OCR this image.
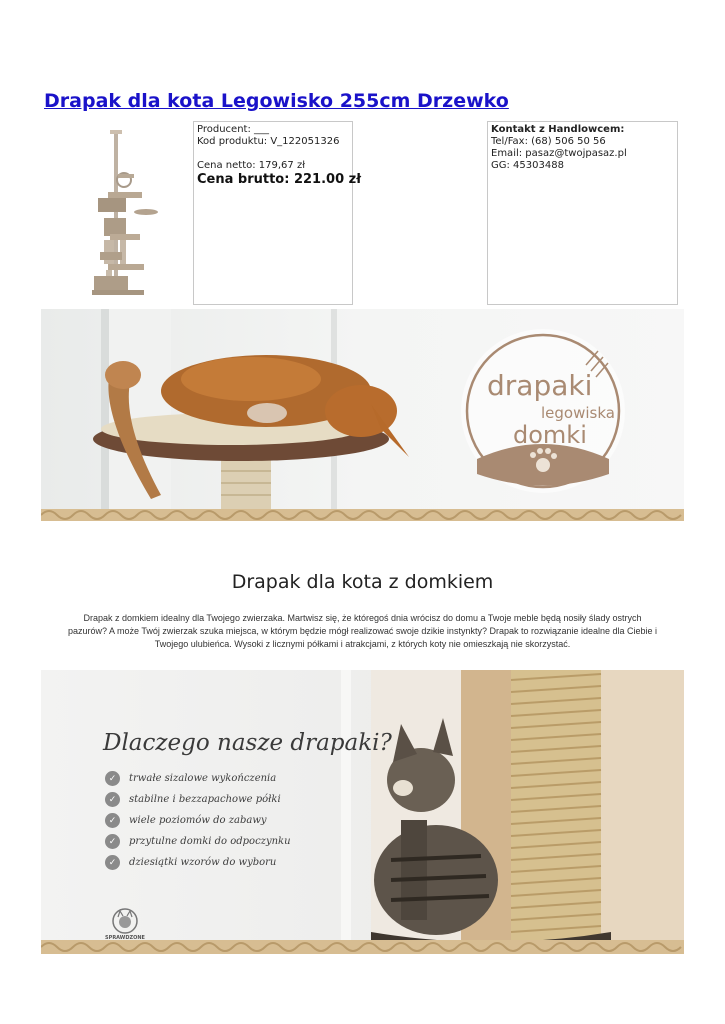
Drapak dla kota Legowisko 255cm Drzewko
Producent: ___
Kod produktu: V_122051326
Cena netto: 179,67 zł
Cena brutto: 221.00 zł
Kontakt z Handlowcem:
Tel/Fax: (68) 506 50 56
Email: pasaz@twojpasaz.pl
GG: 45303488
drapaki
legowiska
domki
Drapak dla kota z domkiem
Drapak z domkiem idealny dla Twojego zwierzaka. Martwisz się, że któregoś dnia wrócisz do domu a Twoje meble będą nosiły ślady ostrych pazurów? A może Twój zwierzak szuka miejsca, w którym będzie mógł realizować swoje dzikie instynkty? Drapak to rozwiązanie idealne dla Ciebie i Twojego ulubieńca. Wysoki z licznymi półkami i atrakcjami, z których koty nie omieszkają nie skorzystać.
Dlaczego nasze drapaki?
✓	trwałe sizalowe wykończenia
✓	stabilne i bezzapachowe półki
✓	wiele poziomów do zabawy
✓	przytulne domki do odpoczynku
✓	dziesiątki wzorów do wyboru
SPRAWDZONE
